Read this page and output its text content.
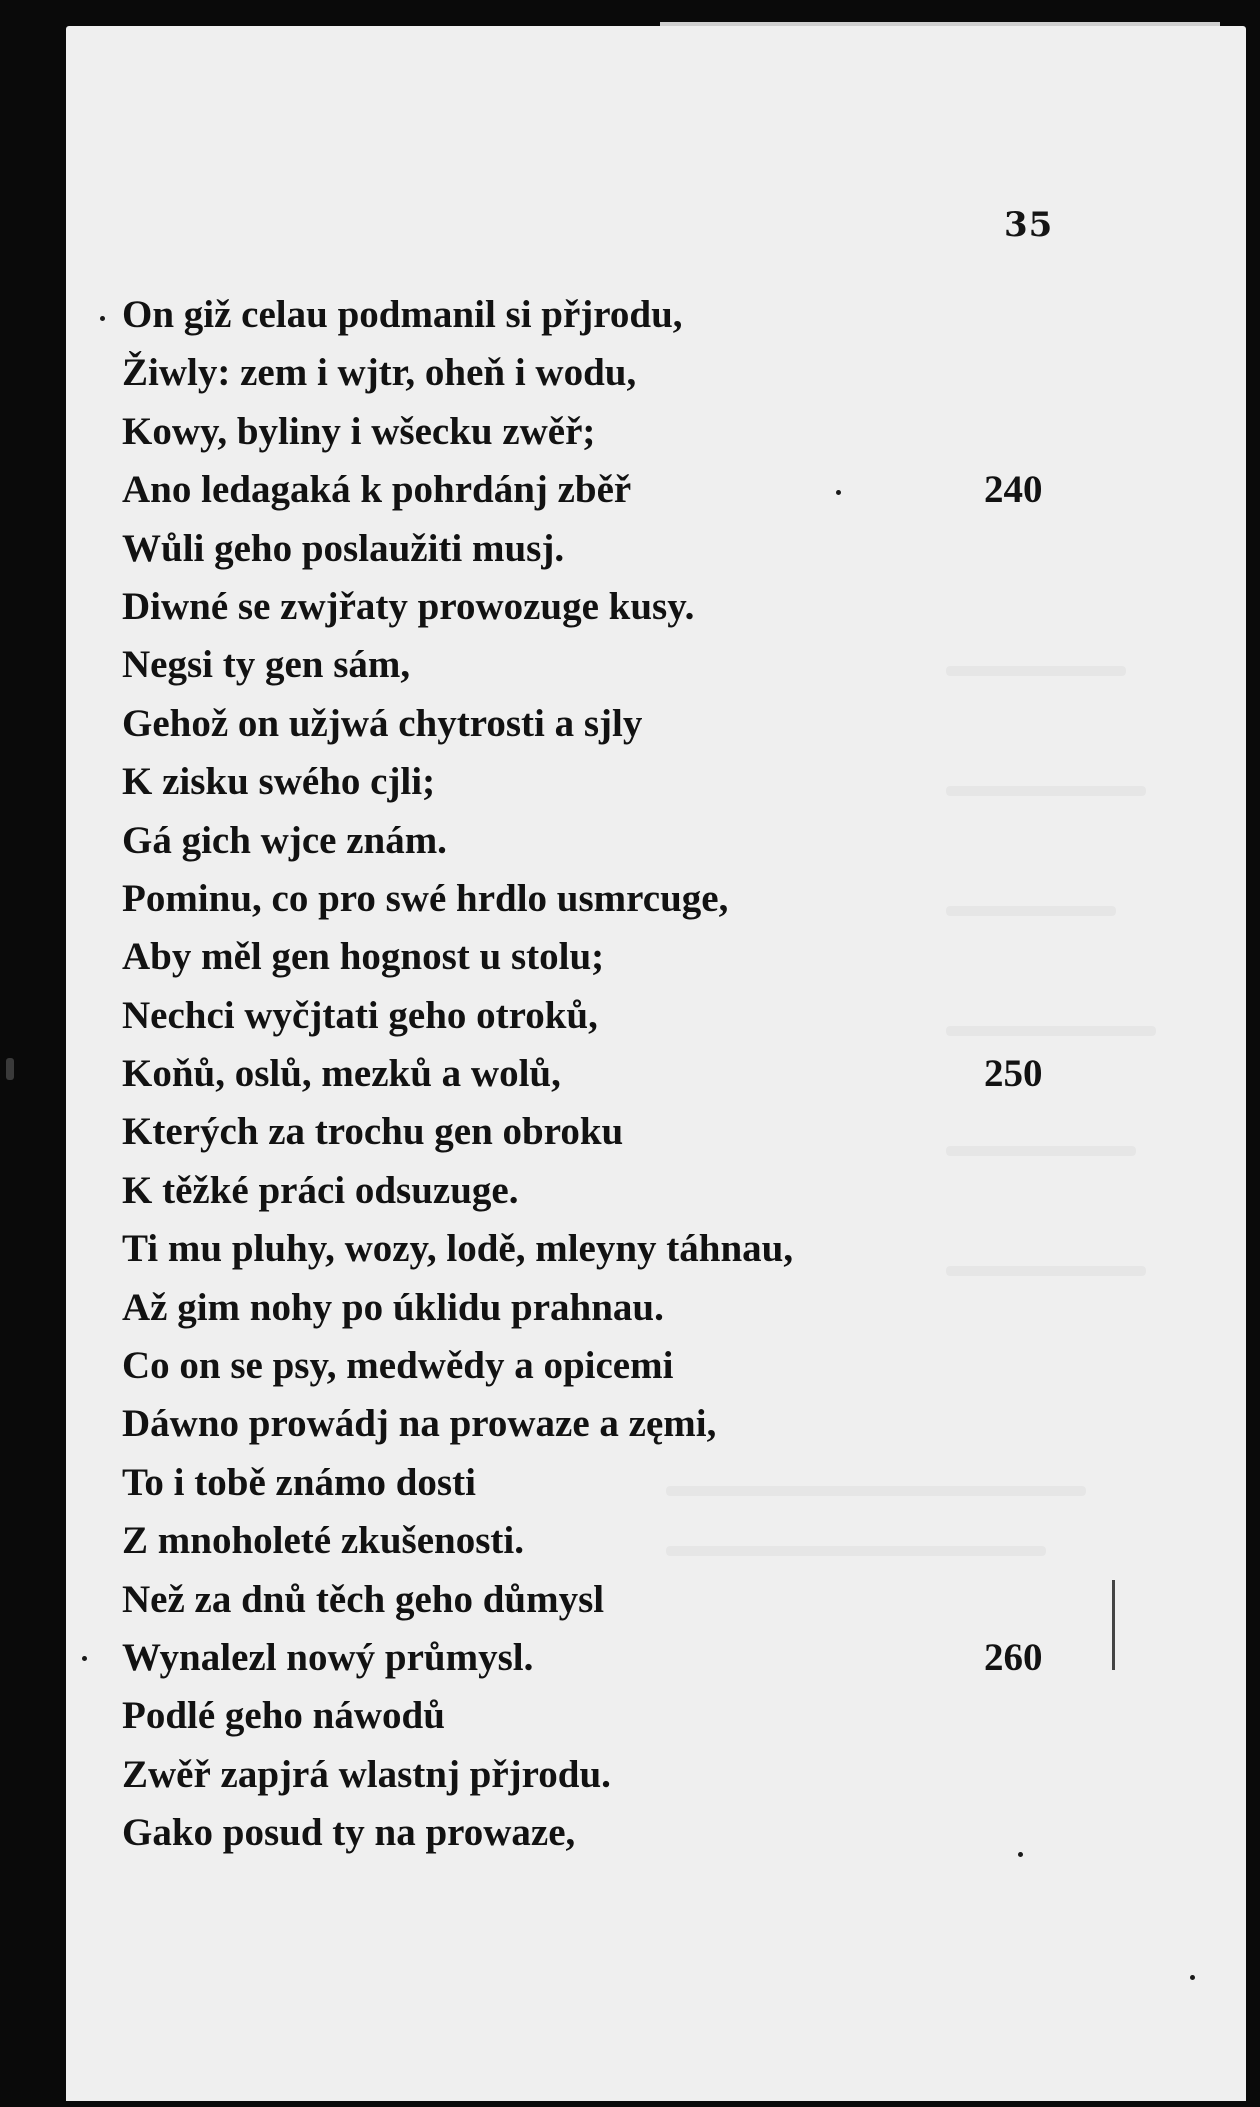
35
On giž celau podmanil si přjrodu,
Žiwly: zem i wjtr, oheň i wodu,
Kowy, byliny i wšecku zwěř;
Ano ledagaká k pohrdánj zběř	240
Wůli geho poslaužiti musj.
Diwné se zwjřaty prowozuge kusy.
Negsi ty gen sám,
Gehož on užjwá chytrosti a sjly
K zisku swého cjli;
Gá gich wjce znám.
Pominu, co pro swé hrdlo usmrcuge,
Aby měl gen hognost u stolu;
Nechci wyčjtati geho otroků,
Koňů, oslů, mezků a wolů,	250
Kterých za trochu gen obroku
K těžké práci odsuzuge.
Ti mu pluhy, wozy, lodě, mleyny táhnau,
Až gim nohy po úklidu prahnau.
Co on se psy, medwědy a opicemi
Dáwno prowádj na prowaze a zęmi,
To i tobě známo dosti
Z mnoholeté zkušenosti.
Než za dnů těch geho důmysl
Wynalezl nowý průmysl.	260
Podlé geho náwodů
Zwěř zapjrá wlastnj přjrodu.
Gako posud ty na prowaze,
